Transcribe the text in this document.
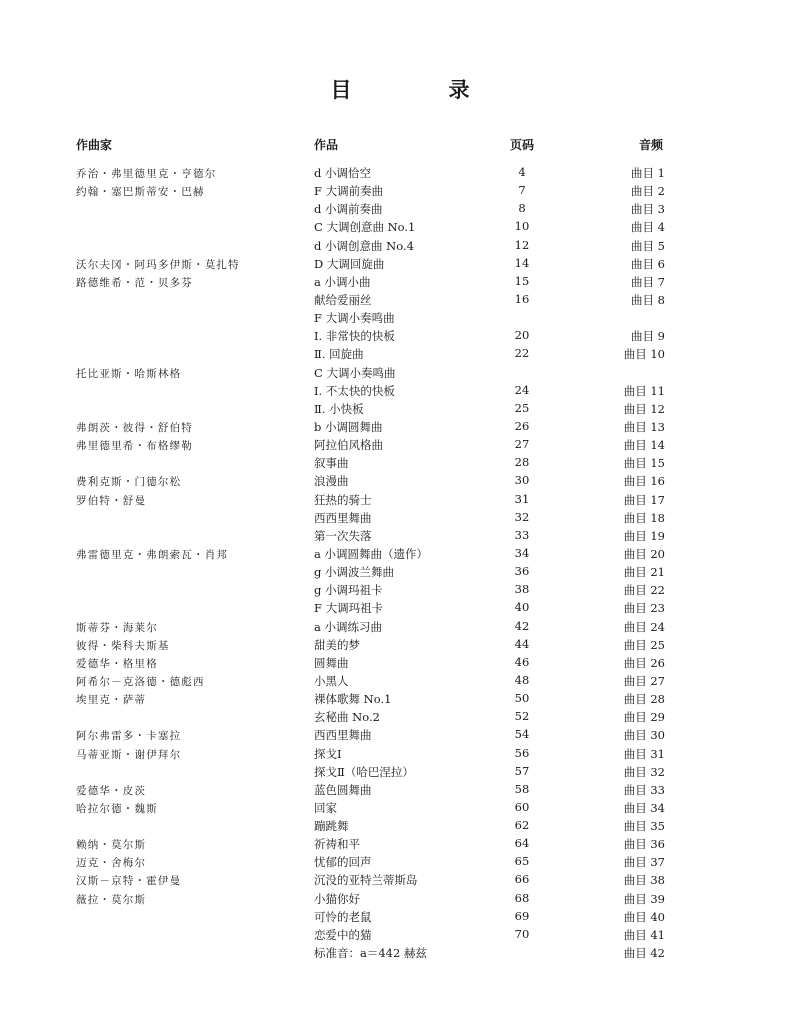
目　录
作曲家	作品	页码	音频
乔治・弗里德里克・亨德尔	d 小调恰空	4	曲目 1
约翰・塞巴斯蒂安・巴赫	F 大调前奏曲	7	曲目 2
d 小调前奏曲	8	曲目 3
C 大调创意曲 No.1	10	曲目 4
d 小调创意曲 No.4	12	曲目 5
沃尔夫冈・阿玛多伊斯・莫扎特	D 大调回旋曲	14	曲目 6
路德维希・范・贝多芬	a 小调小曲	15	曲目 7
献给爱丽丝	16	曲目 8
F 大调小奏鸣曲
Ⅰ. 非常快的快板	20	曲目 9
Ⅱ. 回旋曲	22	曲目 10
托比亚斯・哈斯林格	C 大调小奏鸣曲
Ⅰ. 不太快的快板	24	曲目 11
Ⅱ. 小快板	25	曲目 12
弗朗茨・彼得・舒伯特	b 小调圆舞曲	26	曲目 13
弗里德里希・布格缪勒	阿拉伯风格曲	27	曲目 14
叙事曲	28	曲目 15
费利克斯・门德尔松	浪漫曲	30	曲目 16
罗伯特・舒曼	狂热的骑士	31	曲目 17
西西里舞曲	32	曲目 18
第一次失落	33	曲目 19
弗雷德里克・弗朗索瓦・肖邦	a 小调圆舞曲（遗作）	34	曲目 20
g 小调波兰舞曲	36	曲目 21
g 小调玛祖卡	38	曲目 22
F 大调玛祖卡	40	曲目 23
斯蒂芬・海莱尔	a 小调练习曲	42	曲目 24
彼得・柴科夫斯基	甜美的梦	44	曲目 25
爱德华・格里格	圆舞曲	46	曲目 26
阿希尔－克洛德・德彪西	小黑人	48	曲目 27
埃里克・萨蒂	裸体歌舞 No.1	50	曲目 28
玄秘曲 No.2	52	曲目 29
阿尔弗雷多・卡塞拉	西西里舞曲	54	曲目 30
马蒂亚斯・谢伊拜尔	探戈Ⅰ	56	曲目 31
探戈Ⅱ（哈巴涅拉）	57	曲目 32
爱德华・皮茨	蓝色圆舞曲	58	曲目 33
哈拉尔德・魏斯	回家	60	曲目 34
蹦跳舞	62	曲目 35
赖纳・莫尔斯	祈祷和平	64	曲目 36
迈克・舍梅尔	忧郁的回声	65	曲目 37
汉斯－京特・霍伊曼	沉没的亚特兰蒂斯岛	66	曲目 38
薇拉・莫尔斯	小猫你好	68	曲目 39
可怜的老鼠	69	曲目 40
恋爱中的猫	70	曲目 41
标准音：a＝442 赫兹	曲目 42
